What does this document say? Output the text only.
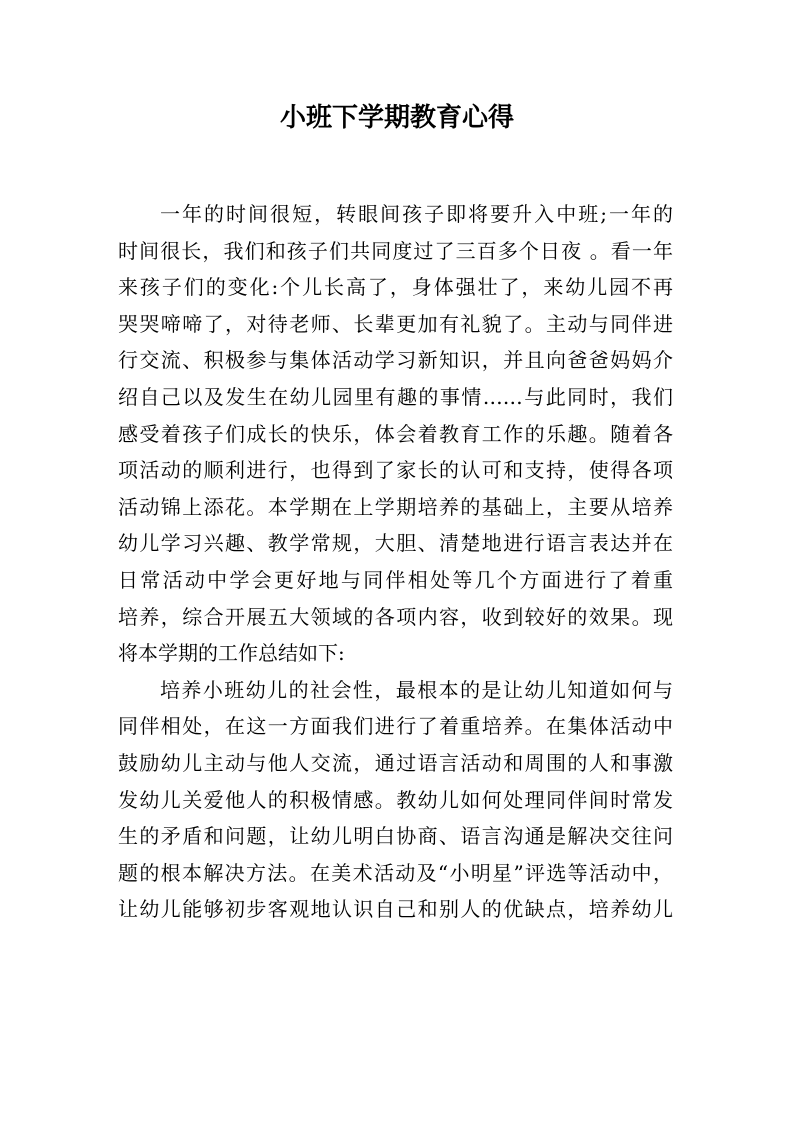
小班下学期教育心得
一年的时间很短，转眼间孩子即将要升入中班;一年的
时间很长，我们和孩子们共同度过了三百多个日夜 。看一年
来孩子们的变化:个儿长高了，身体强壮了，来幼儿园不再
哭哭啼啼了，对待老师、长辈更加有礼貌了。主动与同伴进
行交流、积极参与集体活动学习新知识，并且向爸爸妈妈介
绍自己以及发生在幼儿园里有趣的事情……与此同时，我们
感受着孩子们成长的快乐，体会着教育工作的乐趣。随着各
项活动的顺利进行，也得到了家长的认可和支持，使得各项
活动锦上添花。本学期在上学期培养的基础上，主要从培养
幼儿学习兴趣、教学常规，大胆、清楚地进行语言表达并在
日常活动中学会更好地与同伴相处等几个方面进行了着重
培养，综合开展五大领域的各项内容，收到较好的效果。现
将本学期的工作总结如下:
培养小班幼儿的社会性，最根本的是让幼儿知道如何与
同伴相处，在这一方面我们进行了着重培养。在集体活动中
鼓励幼儿主动与他人交流，通过语言活动和周围的人和事激
发幼儿关爱他人的积极情感。教幼儿如何处理同伴间时常发
生的矛盾和问题，让幼儿明白协商、语言沟通是解决交往问
题的根本解决方法。在美术活动及“小明星”评选等活动中，
让幼儿能够初步客观地认识自己和别人的优缺点，培养幼儿
